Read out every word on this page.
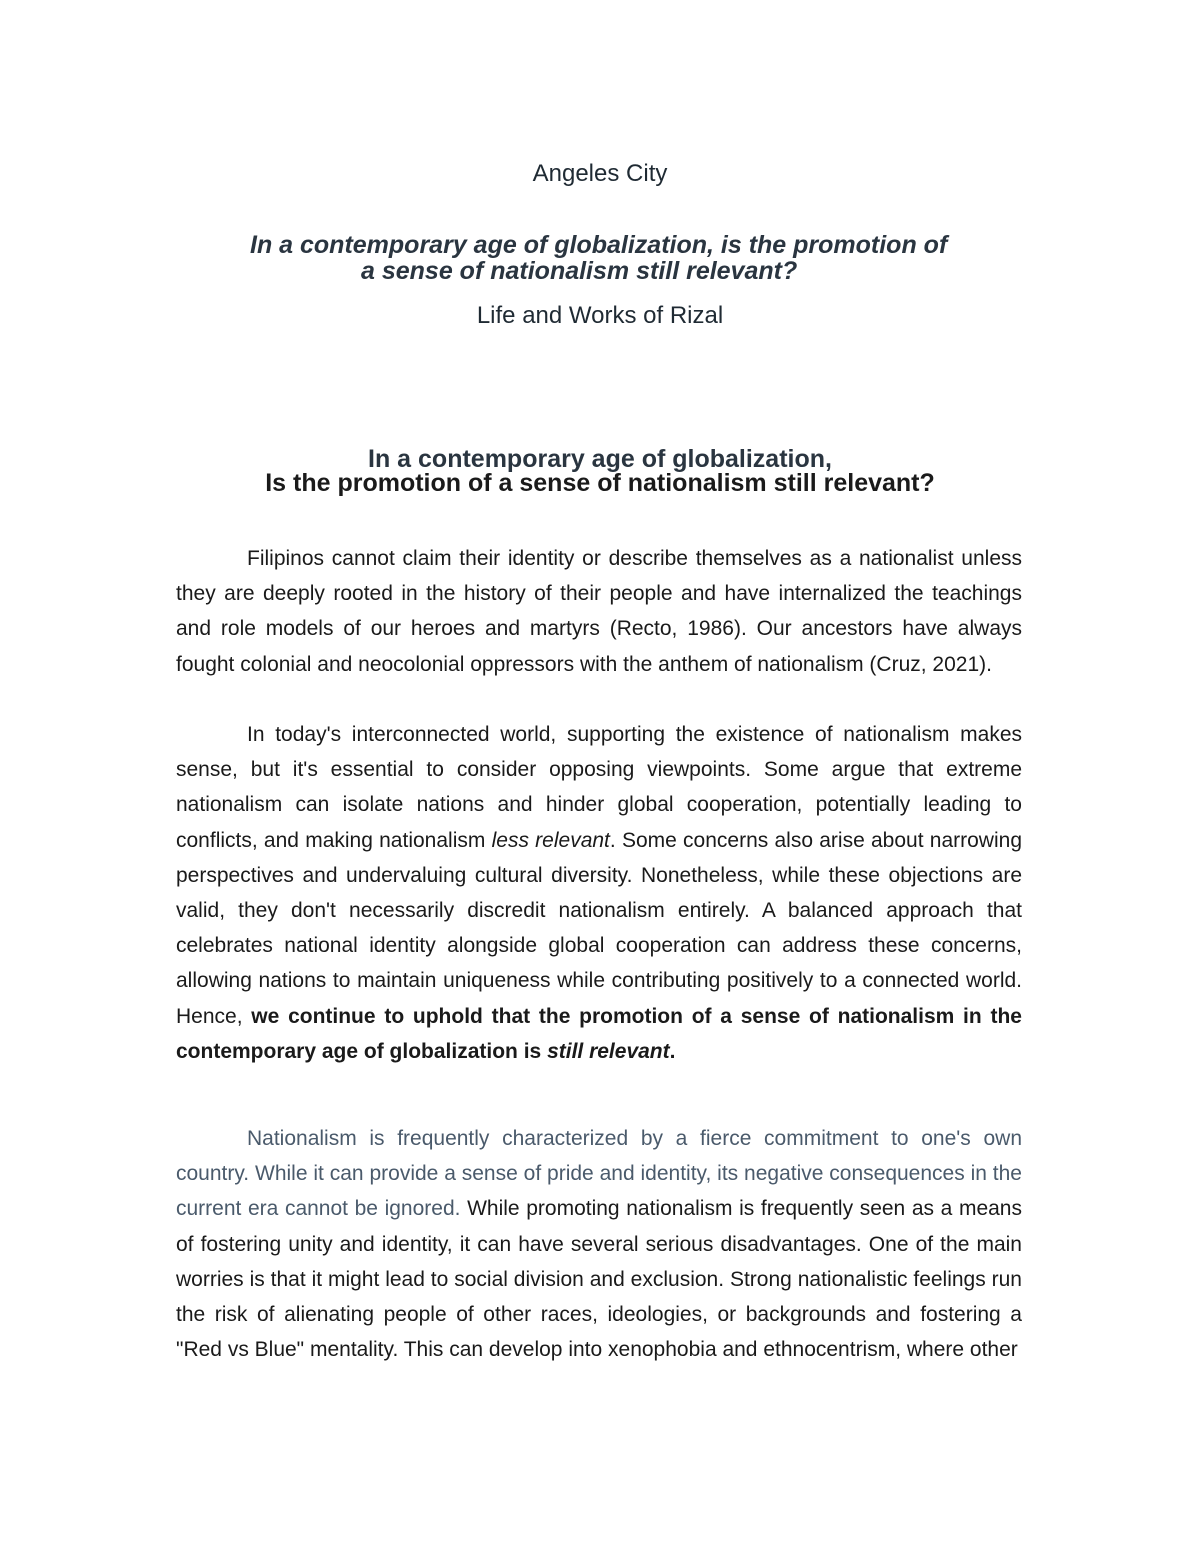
Angeles City
In a contemporary age of globalization, is the promotion of
a sense of nationalism still relevant?
Life and Works of Rizal
In a contemporary age of globalization,
Is the promotion of a sense of nationalism still relevant?

Filipinos cannot claim their identity or describe themselves as a nationalist unless they are deeply rooted in the history of their people and have internalized the teachings and role models of our heroes and martyrs (Recto, 1986). Our ancestors have always fought colonial and neocolonial oppressors with the anthem of nationalism (Cruz, 2021).

In today's interconnected world, supporting the existence of nationalism makes sense, but it's essential to consider opposing viewpoints. Some argue that extreme nationalism can isolate nations and hinder global cooperation, potentially leading to conflicts, and making nationalism less relevant. Some concerns also arise about narrowing perspectives and undervaluing cultural diversity. Nonetheless, while these objections are valid, they don't necessarily discredit nationalism entirely. A balanced approach that celebrates national identity alongside global cooperation can address these concerns, allowing nations to maintain uniqueness while contributing positively to a connected world. Hence, we continue to uphold that the promotion of a sense of nationalism in the contemporary age of globalization is still relevant.

Nationalism is frequently characterized by a fierce commitment to one's own country. While it can provide a sense of pride and identity, its negative consequences in the current era cannot be ignored. While promoting nationalism is frequently seen as a means of fostering unity and identity, it can have several serious disadvantages. One of the main worries is that it might lead to social division and exclusion. Strong nationalistic feelings run the risk of alienating people of other races, ideologies, or backgrounds and fostering a "Red vs Blue" mentality. This can develop into xenophobia and ethnocentrism, where other
